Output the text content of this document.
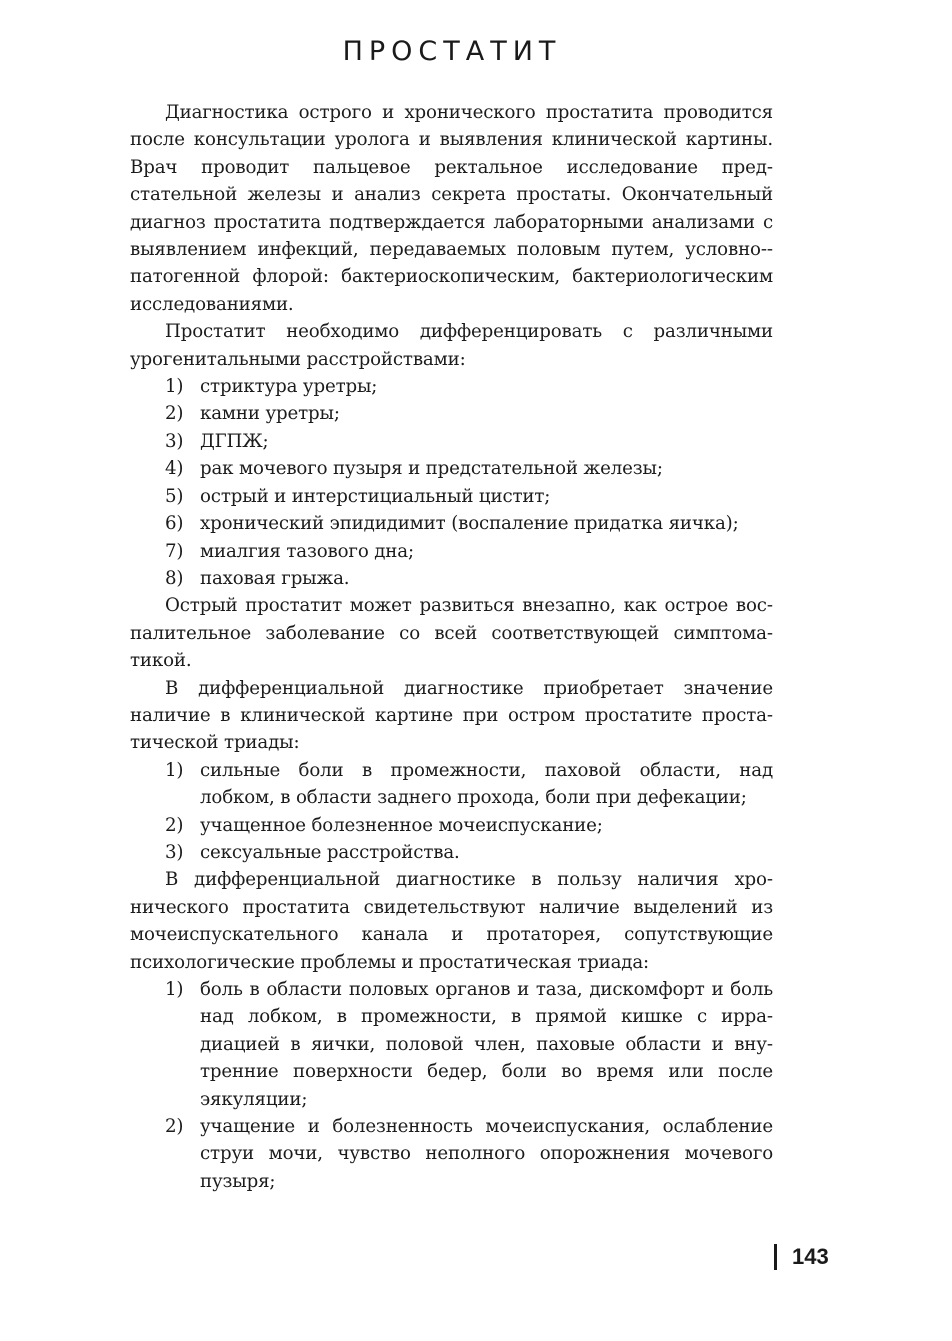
ПРОСТАТИТ

Диагностика острого и хронического простатита проводится после консультации уролога и выявления клинической картины. Врач проводит пальцевое ректальное исследование предстательной железы и анализ секрета простаты. Окончательный диагноз простатита подтверждается лабораторными анализами с выявлением инфекций, передаваемых половым путем, условно-патогенной флорой: бактериоскопическим, бактериологическим исследованиями.

Простатит необходимо дифференцировать с различными урогенитальными расстройствами:

1) стриктура уретры;
2) камни уретры;
3) ДГПЖ;
4) рак мочевого пузыря и предстательной железы;
5) острый и интерстициальный цистит;
6) хронический эпидидимит (воспаление придатка яичка);
7) миалгия тазового дна;
8) паховая грыжа.

Острый простатит может развиться внезапно, как острое воспалительное заболевание со всей соответствующей симптоматикой.

В дифференциальной диагностике приобретает значение наличие в клинической картине при остром простатите простатической триады:

1) сильные боли в промежности, паховой области, над лобком, в области заднего прохода, боли при дефекации;
2) учащенное болезненное мочеиспускание;
3) сексуальные расстройства.

В дифференциальной диагностике в пользу наличия хронического простатита свидетельствуют наличие выделений из мочеиспускательного канала и протаторея, сопутствующие психологические проблемы и простатическая триада:

1) боль в области половых органов и таза, дискомфорт и боль над лобком, в промежности, в прямой кишке с иррадиацией в яички, половой член, паховые области и внутренние поверхности бедер, боли во время или после эякуляции;
2) учащение и болезненность мочеиспускания, ослабление струи мочи, чувство неполного опорожнения мочевого пузыря;
143
